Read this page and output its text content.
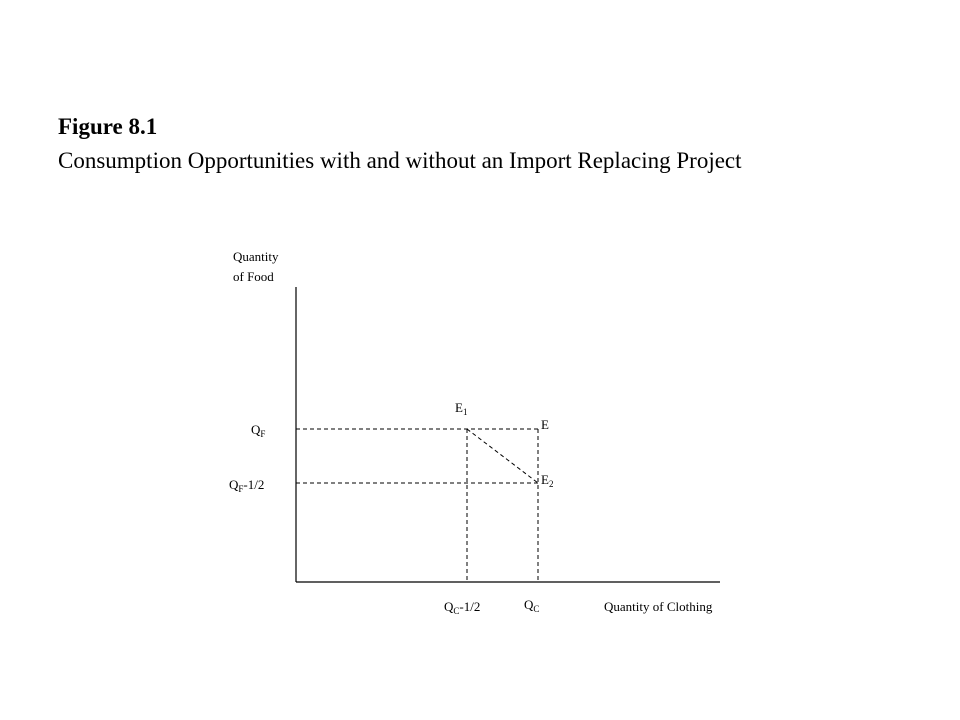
Figure 8.1
Consumption Opportunities with and without an Import Replacing Project
Quantity
of Food
$Q_F$
$Q_F-1/2$
$Q_C-1/2$	$Q_C$	Quantity of Clothing
$E_1$
E
$E_2$
